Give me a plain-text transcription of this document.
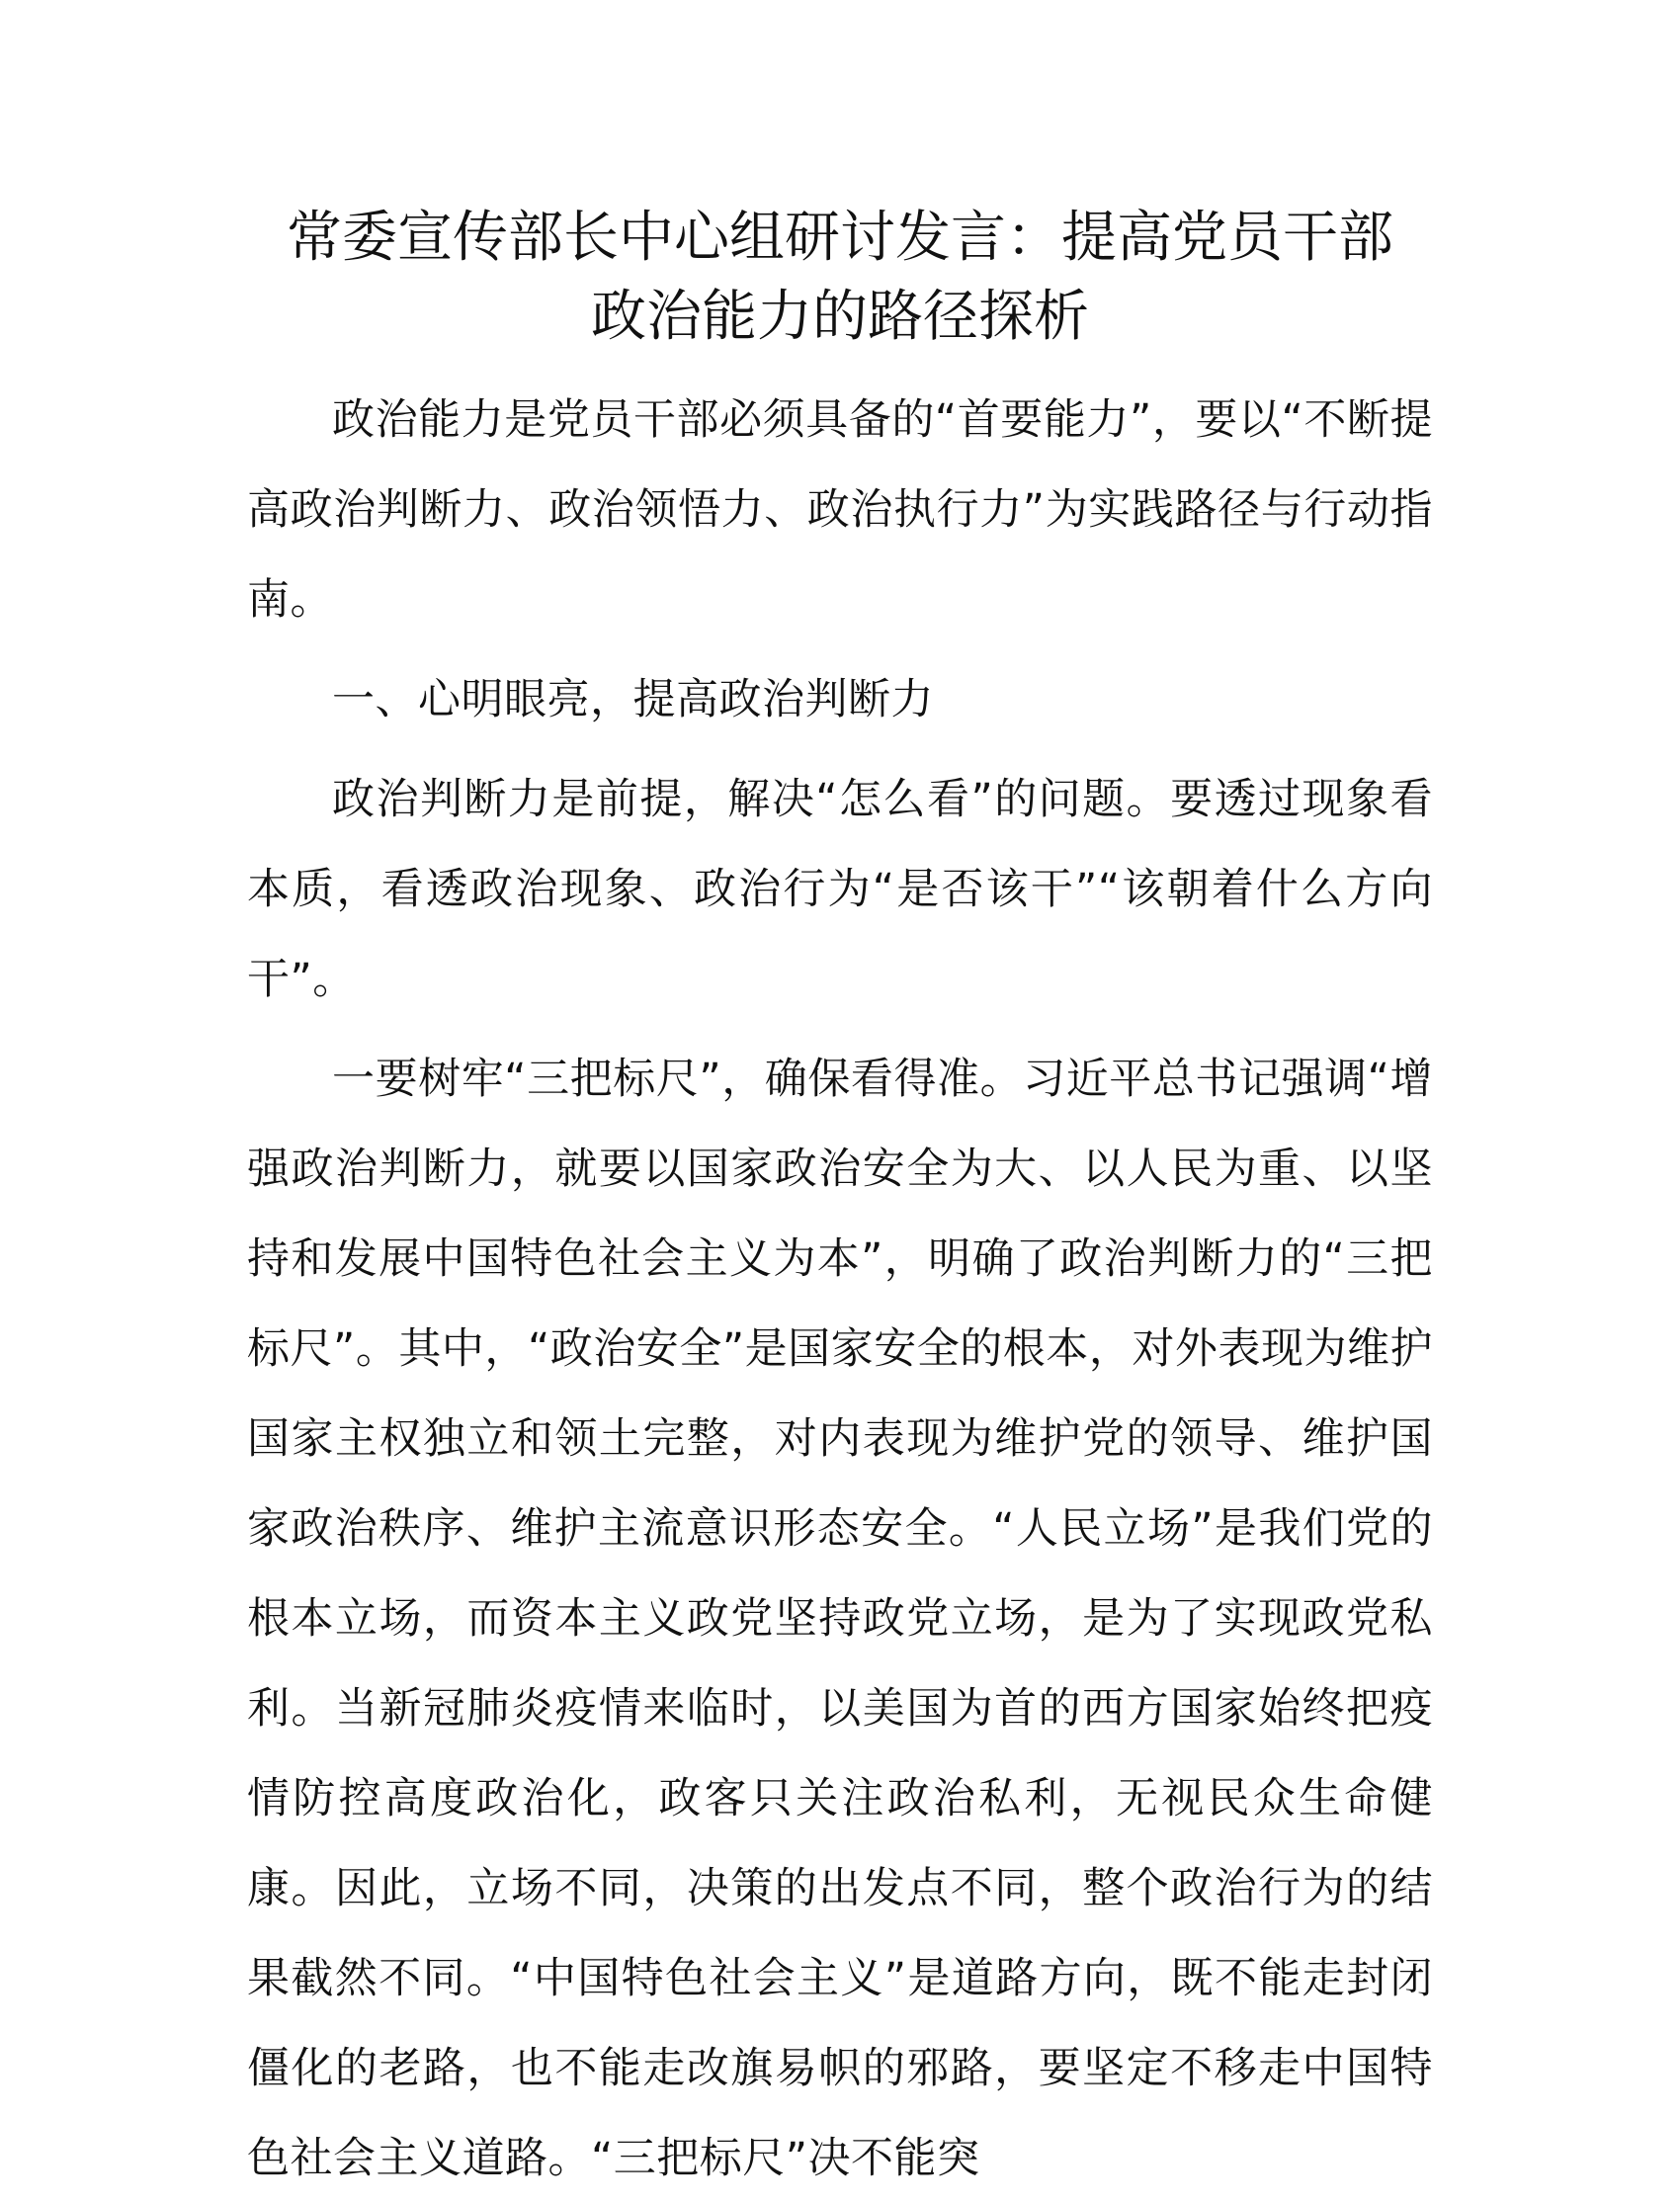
常委宣传部长中心组研讨发言：提高党员干部
政治能力的路径探析

政治能力是党员干部必须具备的“首要能力”，要以“不断提高政治判断力、政治领悟力、政治执行力”为实践路径与行动指南。

一、心明眼亮，提高政治判断力

政治判断力是前提，解决“怎么看”的问题。要透过现象看本质，看透政治现象、政治行为“是否该干”“该朝着什么方向干”。

一要树牢“三把标尺”，确保看得准。习近平总书记强调“增强政治判断力，就要以国家政治安全为大、以人民为重、以坚持和发展中国特色社会主义为本”，明确了政治判断力的“三把标尺”。其中，“政治安全”是国家安全的根本，对外表现为维护国家主权独立和领土完整，对内表现为维护党的领导、维护国家政治秩序、维护主流意识形态安全。“人民立场”是我们党的根本立场，而资本主义政党坚持政党立场，是为了实现政党私利。当新冠肺炎疫情来临时，以美国为首的西方国家始终把疫情防控高度政治化，政客只关注政治私利，无视民众生命健康。因此，立场不同，决策的出发点不同，整个政治行为的结果截然不同。“中国特色社会主义”是道路方向，既不能走封闭僵化的老路，也不能走改旗易帜的邪路，要坚定不移走中国特色社会主义道路。“三把标尺”决不能突
